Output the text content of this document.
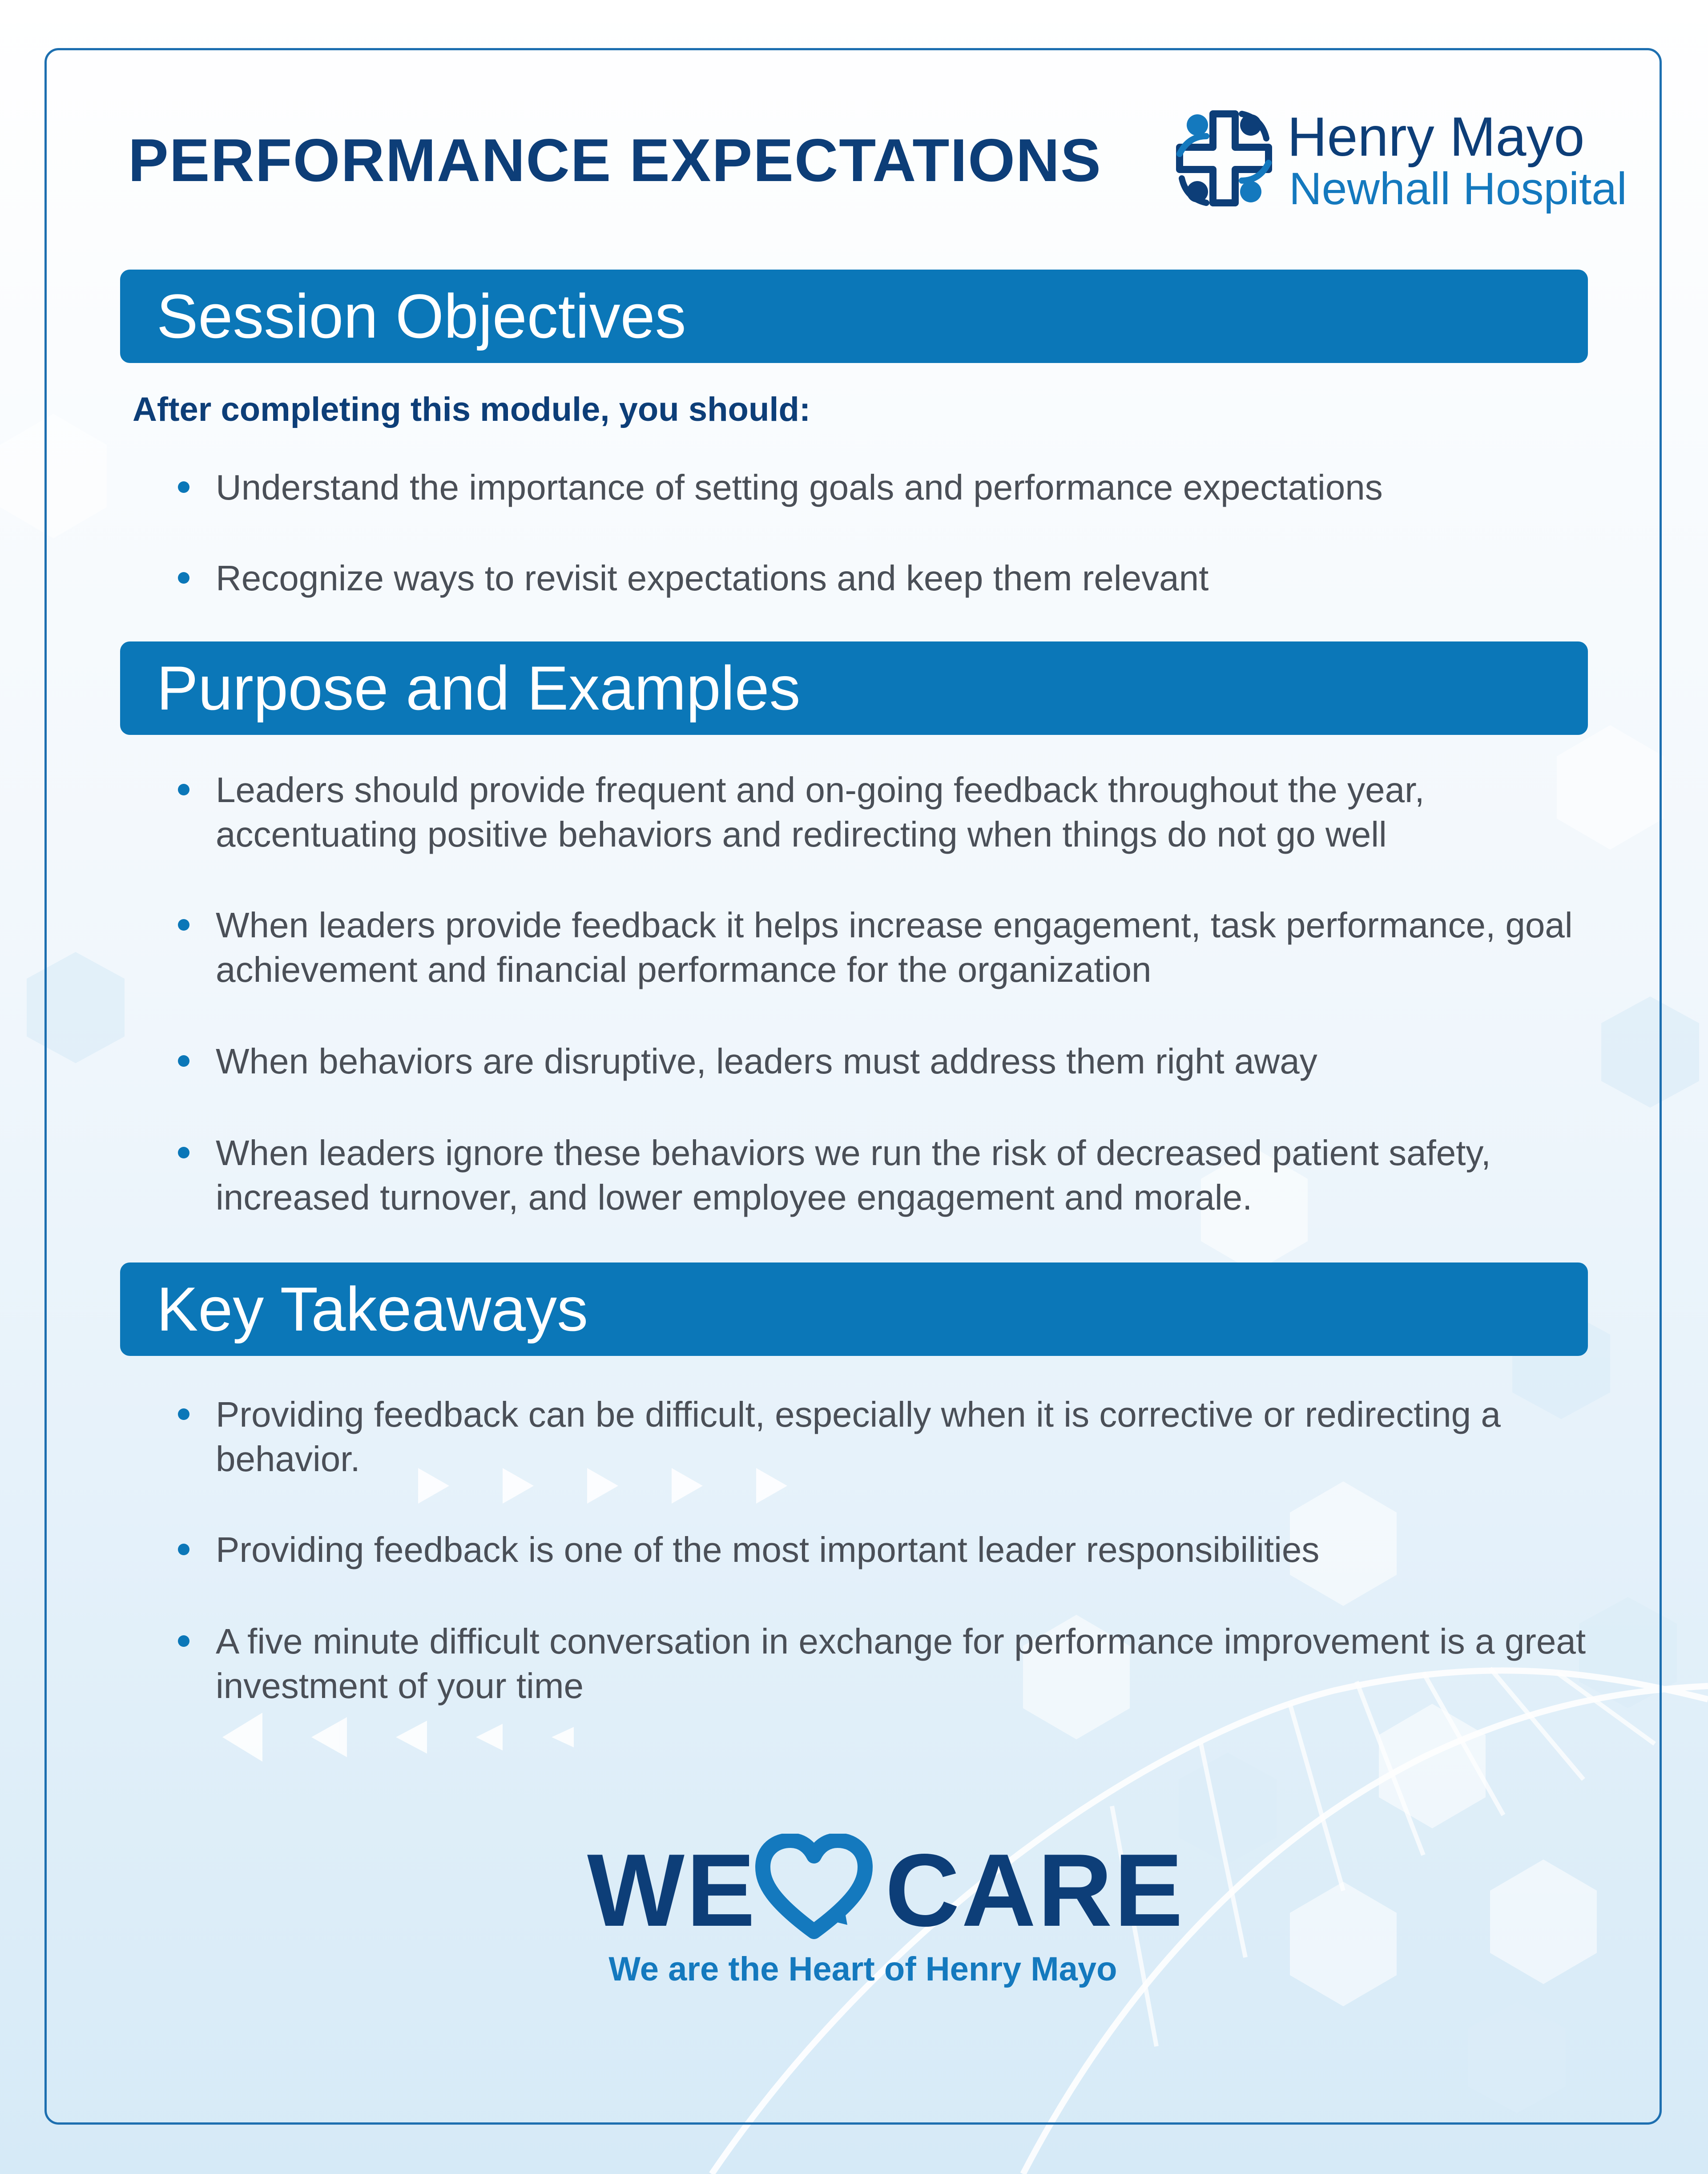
PERFORMANCE EXPECTATIONS	Henry Mayo
Newhall Hospital
Session Objectives
After completing this module, you should:
Understand the importance of setting goals and performance expectations
Recognize ways to revisit expectations and keep them relevant
Purpose and Examples
Leaders should provide frequent and on-going feedback throughout the year, accentuating positive behaviors and redirecting when things do not go well
When leaders provide feedback it helps increase engagement, task performance, goal achievement and financial performance for the organization
When behaviors are disruptive, leaders must address them right away
When leaders ignore these behaviors we run the risk of decreased patient safety, increased turnover, and lower employee engagement and morale.
Key Takeaways
Providing feedback can be difficult, especially when it is corrective or redirecting a behavior.
Providing feedback is one of the most important leader responsibilities
A five minute difficult conversation in exchange for performance improvement is a great investment of your time
WE CARE
We are the Heart of Henry Mayo
